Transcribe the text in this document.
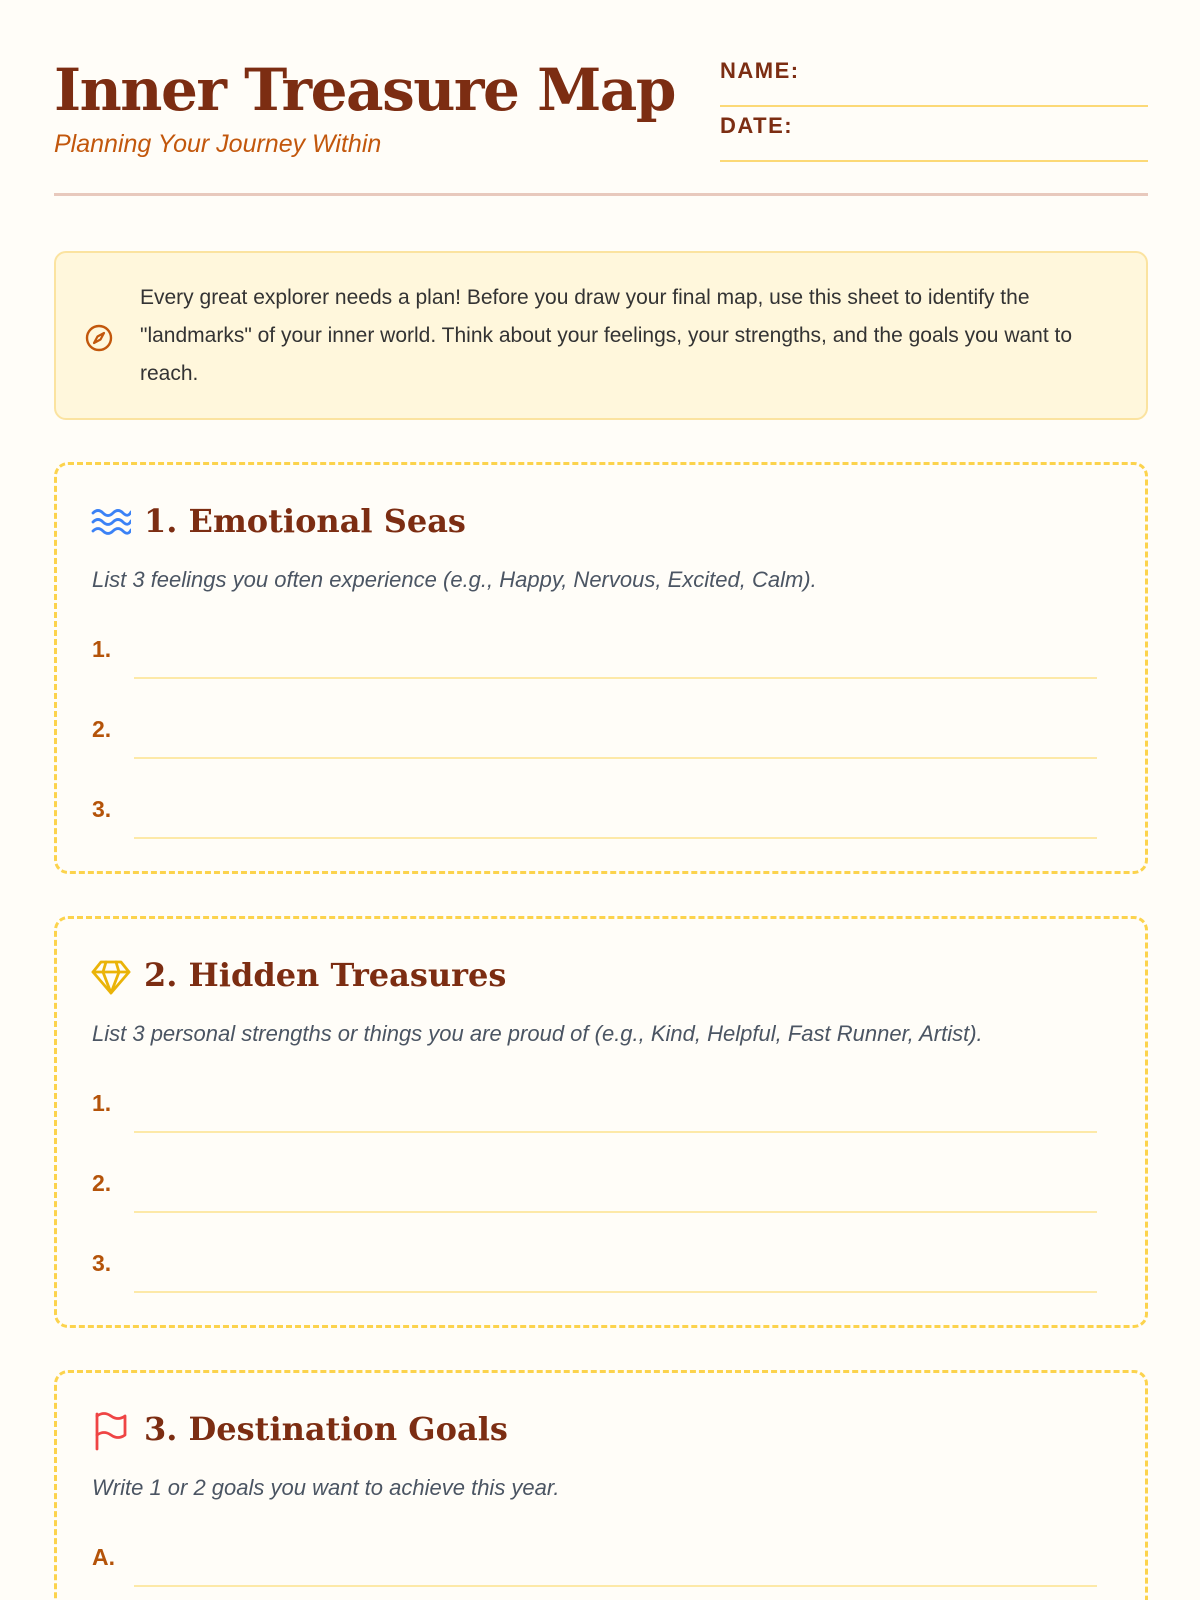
Inner Treasure Map
Planning Your Journey Within
NAME:
DATE:

Every great explorer needs a plan! Before you draw your final map, use this sheet to identify the "landmarks" of your inner world. Think about your feelings, your strengths, and the goals you want to reach.

1. Emotional Seas
List 3 feelings you often experience (e.g., Happy, Nervous, Excited, Calm).
1.
2.
3.
2. Hidden Treasures
List 3 personal strengths or things you are proud of (e.g., Kind, Helpful, Fast Runner, Artist).
1.
2.
3.
3. Destination Goals
Write 1 or 2 goals you want to achieve this year.
A.
